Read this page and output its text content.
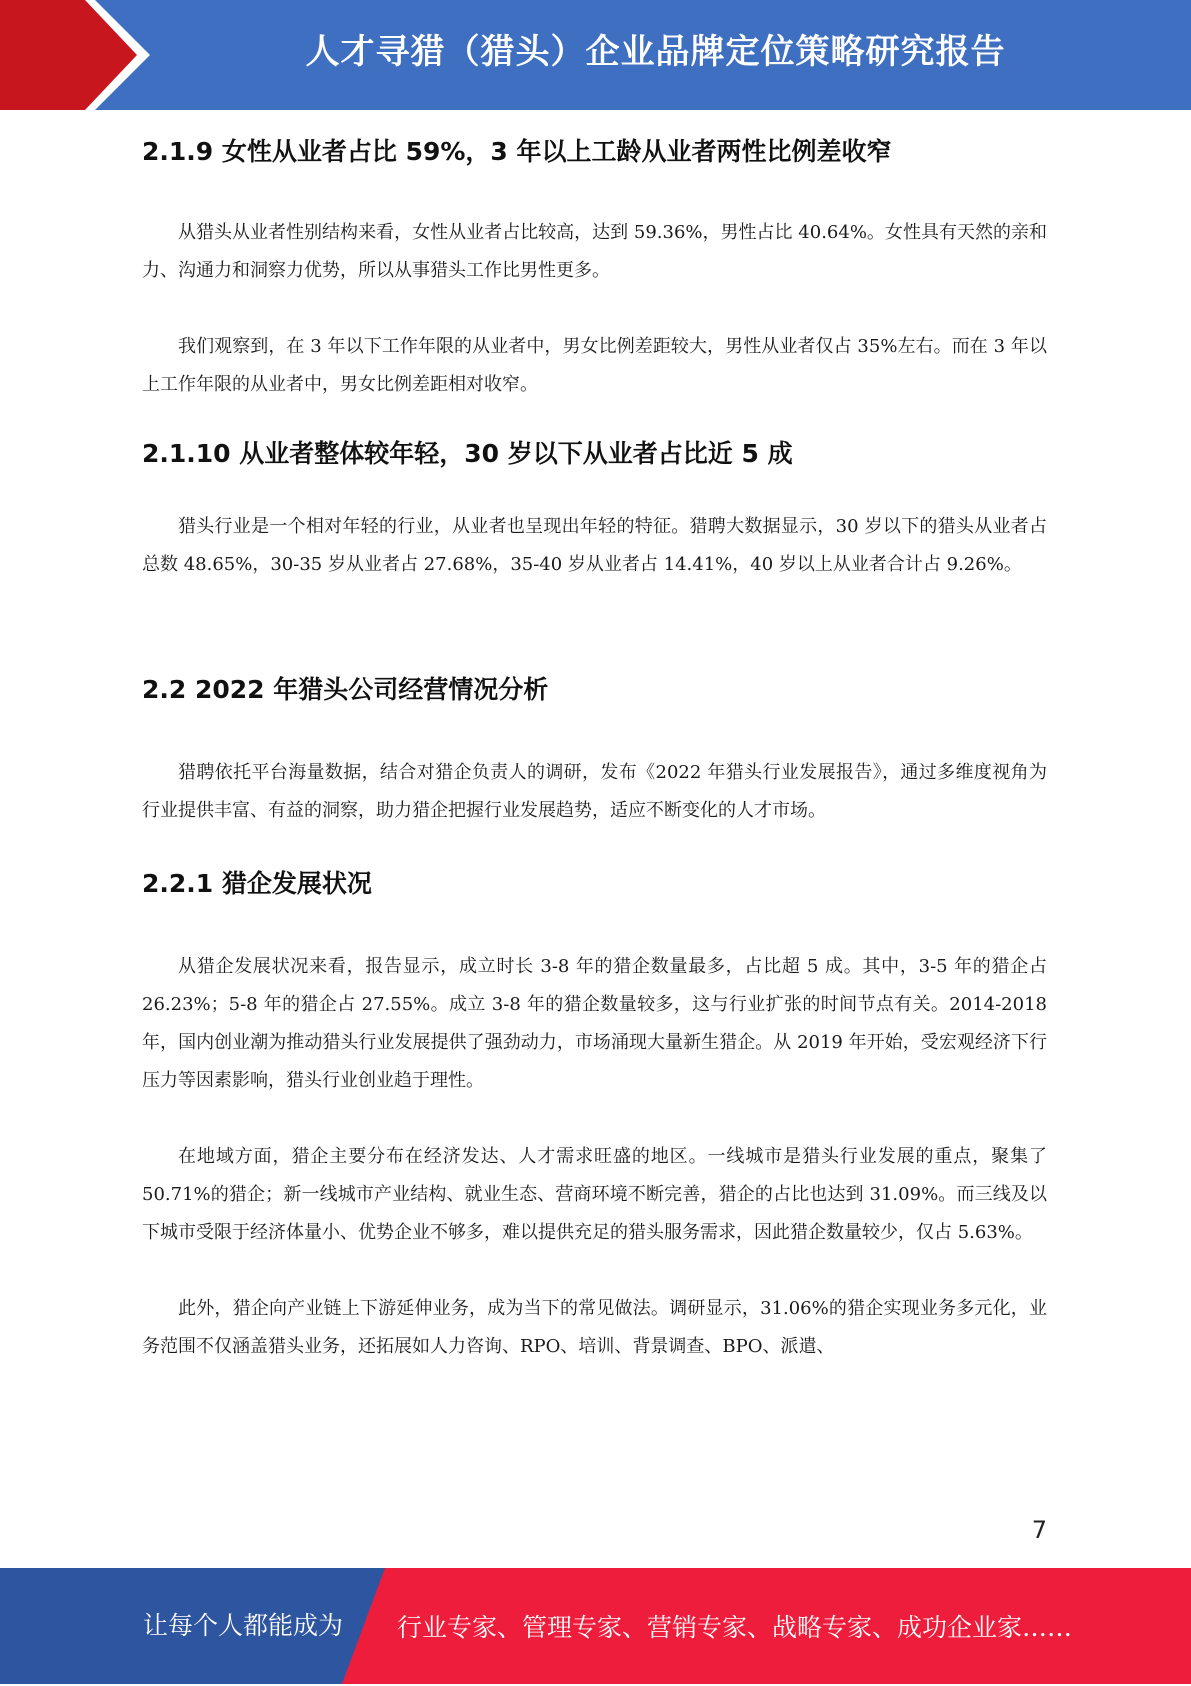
人才寻猎（猎头）企业品牌定位策略研究报告
2.1.9 女性从业者占比 59%，3 年以上工龄从业者两性比例差收窄

从猎头从业者性别结构来看，女性从业者占比较高，达到 59.36%，男性占比 40.64%。女性具有天然的亲和力、沟通力和洞察力优势，所以从事猎头工作比男性更多。

我们观察到，在 3 年以下工作年限的从业者中，男女比例差距较大，男性从业者仅占 35%左右。而在 3 年以上工作年限的从业者中，男女比例差距相对收窄。

2.1.10 从业者整体较年轻，30 岁以下从业者占比近 5 成

猎头行业是一个相对年轻的行业，从业者也呈现出年轻的特征。猎聘大数据显示，30 岁以下的猎头从业者占总数 48.65%，30-35 岁从业者占 27.68%，35-40 岁从业者占 14.41%，40 岁以上从业者合计占 9.26%。

2.2 2022 年猎头公司经营情况分析

猎聘依托平台海量数据，结合对猎企负责人的调研，发布《2022 年猎头行业发展报告》，通过多维度视角为行业提供丰富、有益的洞察，助力猎企把握行业发展趋势，适应不断变化的人才市场。

2.2.1 猎企发展状况

从猎企发展状况来看，报告显示，成立时长 3-8 年的猎企数量最多，占比超 5 成。其中，3-5 年的猎企占 26.23%；5-8 年的猎企占 27.55%。成立 3-8 年的猎企数量较多，这与行业扩张的时间节点有关。2014-2018 年，国内创业潮为推动猎头行业发展提供了强劲动力，市场涌现大量新生猎企。从 2019 年开始，受宏观经济下行压力等因素影响，猎头行业创业趋于理性。

在地域方面，猎企主要分布在经济发达、人才需求旺盛的地区。一线城市是猎头行业发展的重点，聚集了 50.71%的猎企；新一线城市产业结构、就业生态、营商环境不断完善，猎企的占比也达到 31.09%。而三线及以下城市受限于经济体量小、优势企业不够多，难以提供充足的猎头服务需求，因此猎企数量较少，仅占 5.63%。

此外，猎企向产业链上下游延伸业务，成为当下的常见做法。调研显示，31.06%的猎企实现业务多元化，业务范围不仅涵盖猎头业务，还拓展如人力咨询、RPO、培训、背景调查、BPO、派遣、

7
让每个人都能成为 行业专家、管理专家、营销专家、战略专家、成功企业家……
